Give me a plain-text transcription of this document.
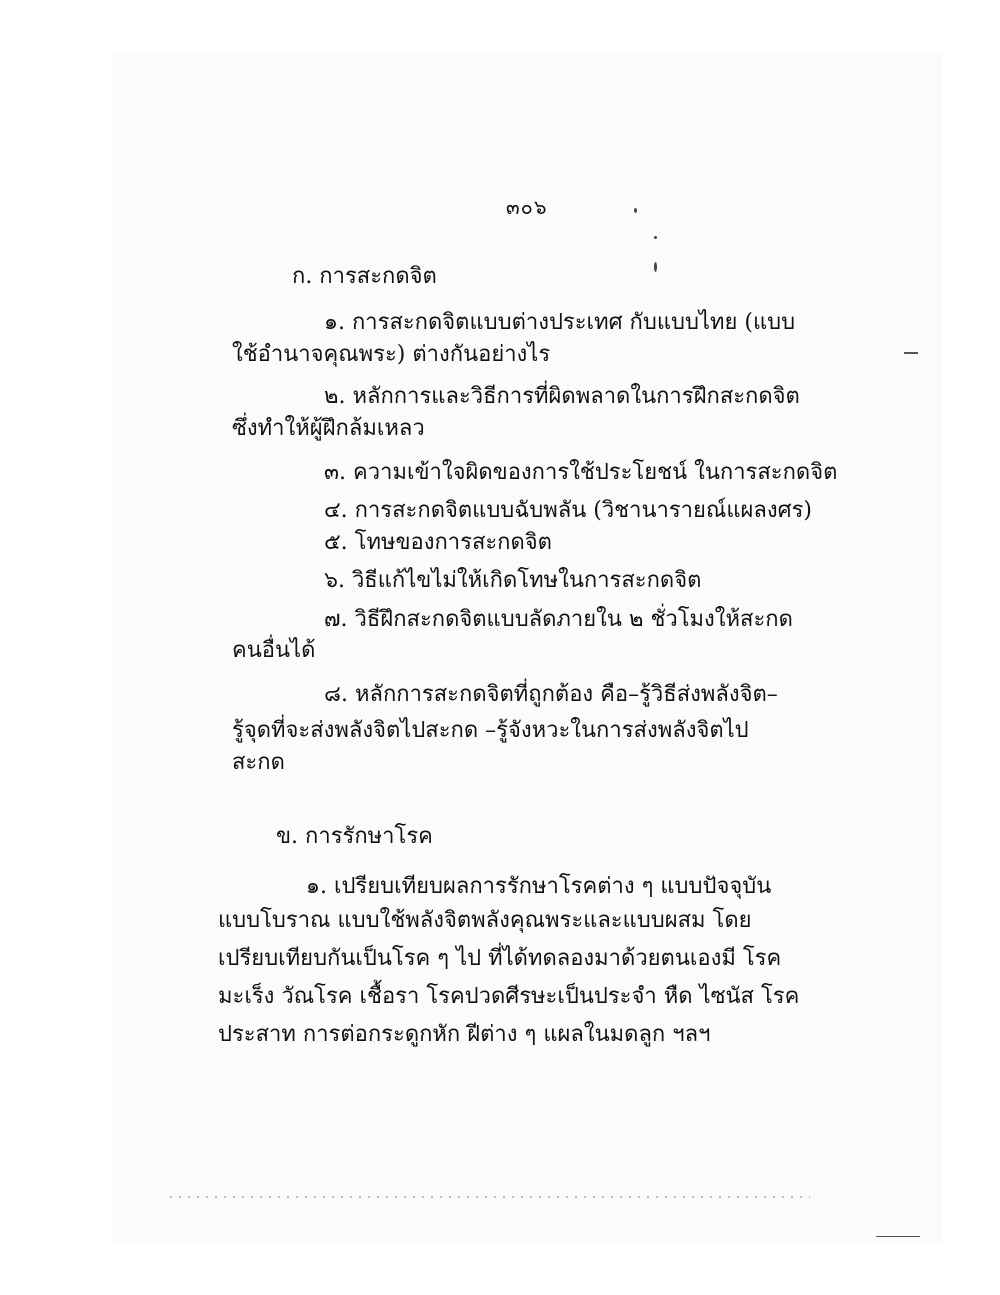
๓๐๖
ก. การสะกดจิต
๑. การสะกดจิตแบบต่างประเทศ กับแบบไทย (แบบ
ใช้อำนาจคุณพระ) ต่างกันอย่างไร
๒. หลักการและวิธีการที่ผิดพลาดในการฝึกสะกดจิต
ซึ่งทำให้ผู้ฝึกล้มเหลว
๓. ความเข้าใจผิดของการใช้ประโยชน์ ในการสะกดจิต
๔. การสะกดจิตแบบฉับพลัน (วิชานารายณ์แผลงศร)
๕. โทษของการสะกดจิต
๖. วิธีแก้ไขไม่ให้เกิดโทษในการสะกดจิต
๗. วิธีฝึกสะกดจิตแบบลัดภายใน ๒ ชั่วโมงให้สะกด
คนอื่นได้
๘. หลักการสะกดจิตที่ถูกต้อง คือ–รู้วิธีส่งพลังจิต–
รู้จุดที่จะส่งพลังจิตไปสะกด –รู้จังหวะในการส่งพลังจิตไป
สะกด
ข. การรักษาโรค
๑. เปรียบเทียบผลการรักษาโรคต่าง ๆ แบบปัจจุบัน
แบบโบราณ แบบใช้พลังจิตพลังคุณพระและแบบผสม โดย
เปรียบเทียบกันเป็นโรค ๆ ไป ที่ได้ทดลองมาด้วยตนเองมี โรค
มะเร็ง วัณโรค เชื้อรา โรคปวดศีรษะเป็นประจำ หืด ไซนัส โรค
ประสาท การต่อกระดูกหัก ฝีต่าง ๆ แผลในมดลูก ฯลฯ
